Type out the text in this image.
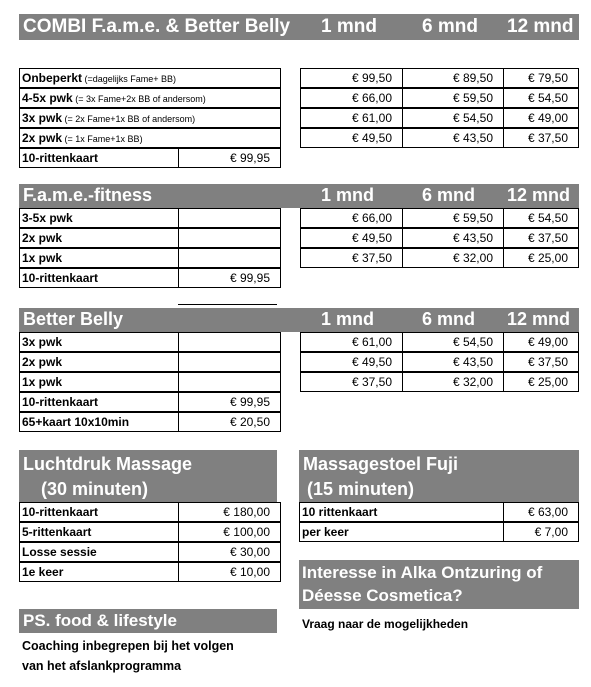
COMBI F.a.m.e. & Better Belly 1 mnd 6 mnd 12 mnd
Onbeperkt (=dagelijks Fame+ BB)	€ 99,50	€ 89,50	€ 79,50
4-5x pwk (= 3x Fame+2x BB of andersom)	€ 66,00	€ 59,50	€ 54,50
3x pwk (= 2x Fame+1x BB of andersom)	€ 61,00	€ 54,50	€ 49,00
2x pwk (= 1x Fame+1x BB)	€ 49,50	€ 43,50	€ 37,50
10-rittenkaart	€ 99,95
F.a.m.e.-fitness	1 mnd	6 mnd 12 mnd
3-5x pwk	€ 66,00	€ 59,50	€ 54,50
2x pwk	€ 49,50	€ 43,50	€ 37,50
1x pwk	€ 37,50	€ 32,00	€ 25,00
10-rittenkaart	€ 99,95
Better Belly	1 mnd	6 mnd 12 mnd
3x pwk	€ 61,00	€ 54,50	€ 49,00
2x pwk	€ 49,50	€ 43,50	€ 37,50
1x pwk	€ 37,50	€ 32,00	€ 25,00
10-rittenkaart	€ 99,95
65+kaart 10x10min	€ 20,50
Luchtdruk Massage
(30 minuten)
10-rittenkaart	€ 180,00
5-rittenkaart	€ 100,00
Losse sessie	€ 30,00
1e keer	€ 10,00
Massagestoel Fuji
(15 minuten)
10 rittenkaart	€ 63,00
per keer	€ 7,00
Interesse in Alka Ontzuring of
Déesse Cosmetica?
Vraag naar de mogelijkheden
PS. food & lifestyle
Coaching inbegrepen bij het volgen
van het afslankprogramma
